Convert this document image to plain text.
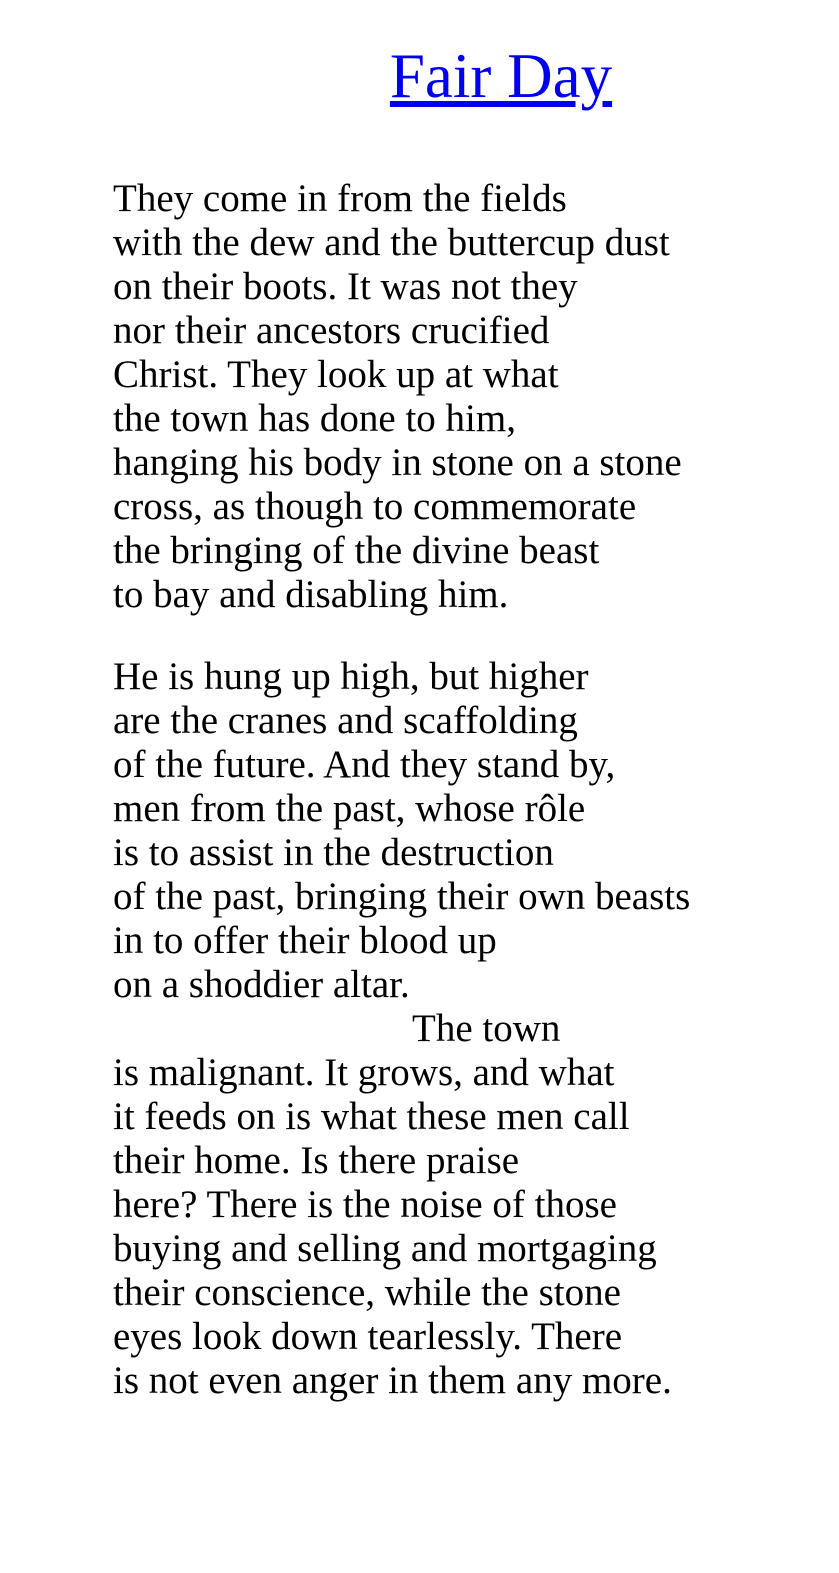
Fair Day

They come in from the fields
with the dew and the buttercup dust
on their boots. It was not they
nor their ancestors crucified
Christ. They look up at what
the town has done to him,
hanging his body in stone on a stone
cross, as though to commemorate
the bringing of the divine beast
to bay and disabling him.

He is hung up high, but higher
are the cranes and scaffolding
of the future. And they stand by,
men from the past, whose rôle
is to assist in the destruction
of the past, bringing their own beasts
in to offer their blood up
on a shoddier altar.
The town
is malignant. It grows, and what
it feeds on is what these men call
their home. Is there praise
here? There is the noise of those
buying and selling and mortgaging
their conscience, while the stone
eyes look down tearlessly. There
is not even anger in them any more.
